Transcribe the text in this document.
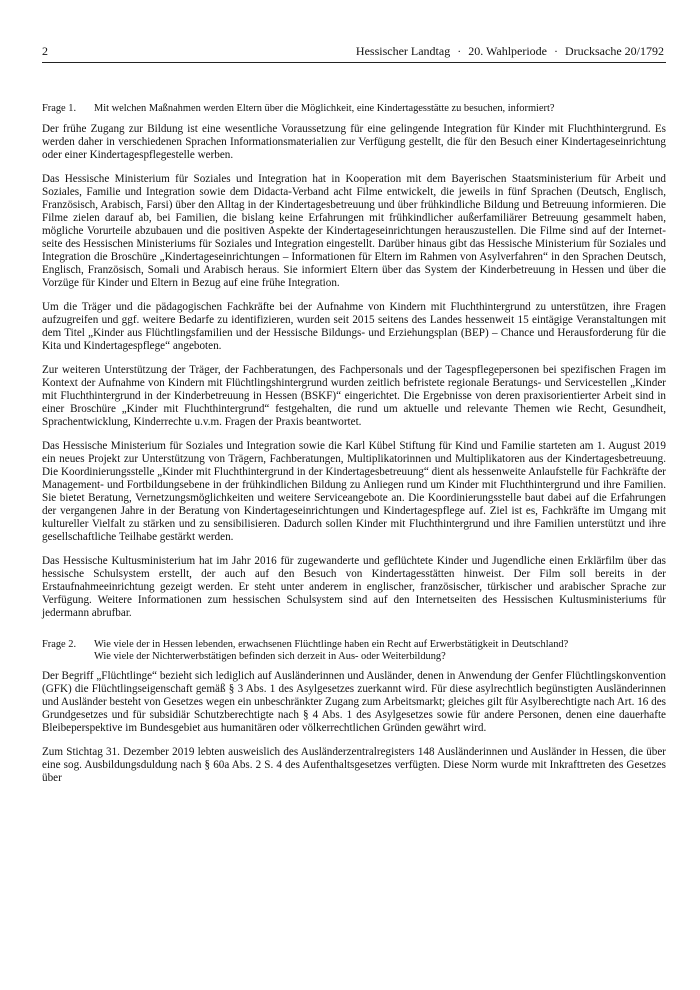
2	Hessischer Landtag · 20. Wahlperiode · Drucksache 20/1792
Frage 1.	Mit welchen Maßnahmen werden Eltern über die Möglichkeit, eine Kindertagesstätte zu besuchen, informiert?

Der frühe Zugang zur Bildung ist eine wesentliche Voraussetzung für eine gelingende Integration für Kinder mit Fluchthintergrund. Es werden daher in verschiedenen Sprachen Informationsmaterialien zur Verfügung gestellt, die für den Besuch einer Kindertageseinrichtung oder einer Kindertagespflegestelle werben.

Das Hessische Ministerium für Soziales und Integration hat in Kooperation mit dem Bayerischen Staatsministerium für Arbeit und Soziales, Familie und Integration sowie dem Didacta-Verband acht Filme entwickelt, die jeweils in fünf Sprachen (Deutsch, Englisch, Französisch, Arabisch, Farsi) über den Alltag in der Kindertagesbetreuung und über frühkindliche Bildung und Betreuung informieren. Die Filme zielen darauf ab, bei Familien, die bislang keine Erfahrungen mit frühkindlicher außerfamiliärer Betreuung gesammelt haben, mögliche Vorurteile abzubauen und die positiven Aspekte der Kindertageseinrichtungen herauszustellen. Die Filme sind auf der Internetseite des Hessischen Ministeriums für Soziales und Integration eingestellt. Darüber hinaus gibt das Hessische Ministerium für Soziales und Integration die Broschüre „Kindertageseinrichtungen – Informationen für Eltern im Rahmen von Asylverfahren“ in den Sprachen Deutsch, Englisch, Französisch, Somali und Arabisch heraus. Sie informiert Eltern über das System der Kinderbetreuung in Hessen und über die Vorzüge für Kinder und Eltern in Bezug auf eine frühe Integration.

Um die Träger und die pädagogischen Fachkräfte bei der Aufnahme von Kindern mit Fluchthintergrund zu unterstützen, ihre Fragen aufzugreifen und ggf. weitere Bedarfe zu identifizieren, wurden seit 2015 seitens des Landes hessenweit 15 eintägige Veranstaltungen mit dem Titel „Kinder aus Flüchtlingsfamilien und der Hessische Bildungs- und Erziehungsplan (BEP) – Chance und Herausforderung für die Kita und Kindertagespflege“ angeboten.

Zur weiteren Unterstützung der Träger, der Fachberatungen, des Fachpersonals und der Tagespflegepersonen bei spezifischen Fragen im Kontext der Aufnahme von Kindern mit Flüchtlingshintergrund wurden zeitlich befristete regionale Beratungs- und Servicestellen „Kinder mit Fluchthintergrund in der Kinderbetreuung in Hessen (BSKF)“ eingerichtet. Die Ergebnisse von deren praxisorientierter Arbeit sind in einer Broschüre „Kinder mit Fluchthintergrund“ festgehalten, die rund um aktuelle und relevante Themen wie Recht, Gesundheit, Sprachentwicklung, Kinderrechte u.v.m. Fragen der Praxis beantwortet.

Das Hessische Ministerium für Soziales und Integration sowie die Karl Kübel Stiftung für Kind und Familie starteten am 1. August 2019 ein neues Projekt zur Unterstützung von Trägern, Fachberatungen, Multiplikatorinnen und Multiplikatoren aus der Kindertagesbetreuung. Die Koordinierungsstelle „Kinder mit Fluchthintergrund in der Kindertagesbetreuung“ dient als hessenweite Anlaufstelle für Fachkräfte der Management- und Fortbildungsebene in der frühkindlichen Bildung zu Anliegen rund um Kinder mit Fluchthintergrund und ihre Familien. Sie bietet Beratung, Vernetzungsmöglichkeiten und weitere Serviceangebote an. Die Koordinierungsstelle baut dabei auf die Erfahrungen der vergangenen Jahre in der Beratung von Kindertageseinrichtungen und Kindertagespflege auf. Ziel ist es, Fachkräfte im Umgang mit kultureller Vielfalt zu stärken und zu sensibilisieren. Dadurch sollen Kinder mit Fluchthintergrund und ihre Familien unterstützt und ihre gesellschaftliche Teilhabe gestärkt werden.

Das Hessische Kultusministerium hat im Jahr 2016 für zugewanderte und geflüchtete Kinder und Jugendliche einen Erklärfilm über das hessische Schulsystem erstellt, der auch auf den Besuch von Kindertagesstätten hinweist. Der Film soll bereits in der Erstaufnahmeeinrichtung gezeigt werden. Er steht unter anderem in englischer, französischer, türkischer und arabischer Sprache zur Verfügung. Weitere Informationen zum hessischen Schulsystem sind auf den Internetseiten des Hessischen Kultusministeriums für jedermann abrufbar.

Frage 2.	Wie viele der in Hessen lebenden, erwachsenen Flüchtlinge haben ein Recht auf Erwerbstätigkeit in Deutschland?
Wie viele der Nichterwerbstätigen befinden sich derzeit in Aus- oder Weiterbildung?

Der Begriff „Flüchtlinge“ bezieht sich lediglich auf Ausländerinnen und Ausländer, denen in Anwendung der Genfer Flüchtlingskonvention (GFK) die Flüchtlingseigenschaft gemäß § 3 Abs. 1 des Asylgesetzes zuerkannt wird. Für diese asylrechtlich begünstigten Ausländerinnen und Ausländer besteht von Gesetzes wegen ein unbeschränkter Zugang zum Arbeitsmarkt; gleiches gilt für Asylberechtigte nach Art. 16 des Grundgesetzes und für subsidiär Schutzberechtigte nach § 4 Abs. 1 des Asylgesetzes sowie für andere Personen, denen eine dauerhafte Bleibeperspektive im Bundesgebiet aus humanitären oder völkerrechtlichen Gründen gewährt wird.

Zum Stichtag 31. Dezember 2019 lebten ausweislich des Ausländerzentralregisters 148 Ausländerinnen und Ausländer in Hessen, die über eine sog. Ausbildungsduldung nach § 60a Abs. 2 S. 4 des Aufenthaltsgesetzes verfügten. Diese Norm wurde mit Inkrafttreten des Gesetzes über
